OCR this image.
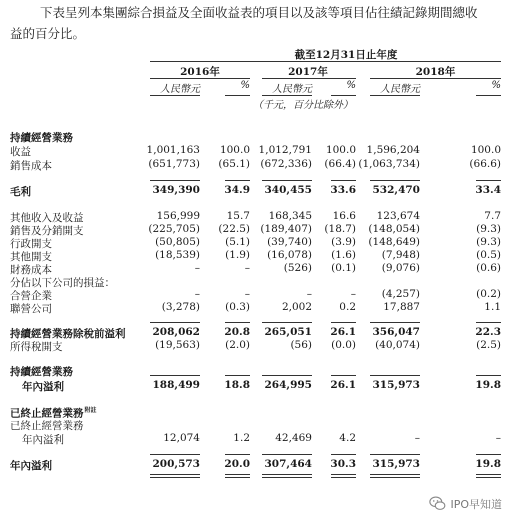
下表呈列本集團綜合損益及全面收益表的項目以及該等項目佔往績記錄期間總收
益的百分比。
截至12月31日止年度
2016年	2017年	2018年
人民幣元	%	人民幣元	%	人民幣元	%
（千元，百分比除外）
持續經營業務
收益	1,001,163	100.0 1,012,791	100.0	1,596,204	100.0
銷售成本	(651,773)	(65.1) (672,336)	(66.4) (1,063,734)	(66.6)
毛利	349,390	34.9	340,455	33.6	532,470	33.4
其他收入及收益	156,999	15.7	168,345	16.6	123,674	7.7
銷售及分銷開支	(225,705)	(22.5) (189,407)	(18.7)	(148,054)	(9.3)
行政開支	(50,805)	(5.1)	(39,740)	(3.9)	(148,649)	(9.3)
其他開支	(18,539)	(1.9)	(16,078)	(1.6)	(7,948)	(0.5)
財務成本	–	–	(526)	(0.1)	(9,076)	(0.6)
分佔以下公司的損益：
合營企業	–	–	–	–	(4,257)	(0.2)
聯營公司	(3,278)	(0.3)	2,002	0.2	17,887	1.1
持續經營業務除稅前溢利	208,062	20.8	265,051	26.1	356,047	22.3
所得稅開支	(19,563)	(2.0)	(56)	(0.0)	(40,074)	(2.5)
持續經營業務
年內溢利	188,499	18.8	264,995	26.1	315,973	19.8
已終止經營業務$^{附註}$
已終止經營業務
年內溢利	12,074	1.2	42,469	4.2	–	–
年內溢利	200,573	20.0	307,464	30.3	315,973	19.8
IPO早知道
